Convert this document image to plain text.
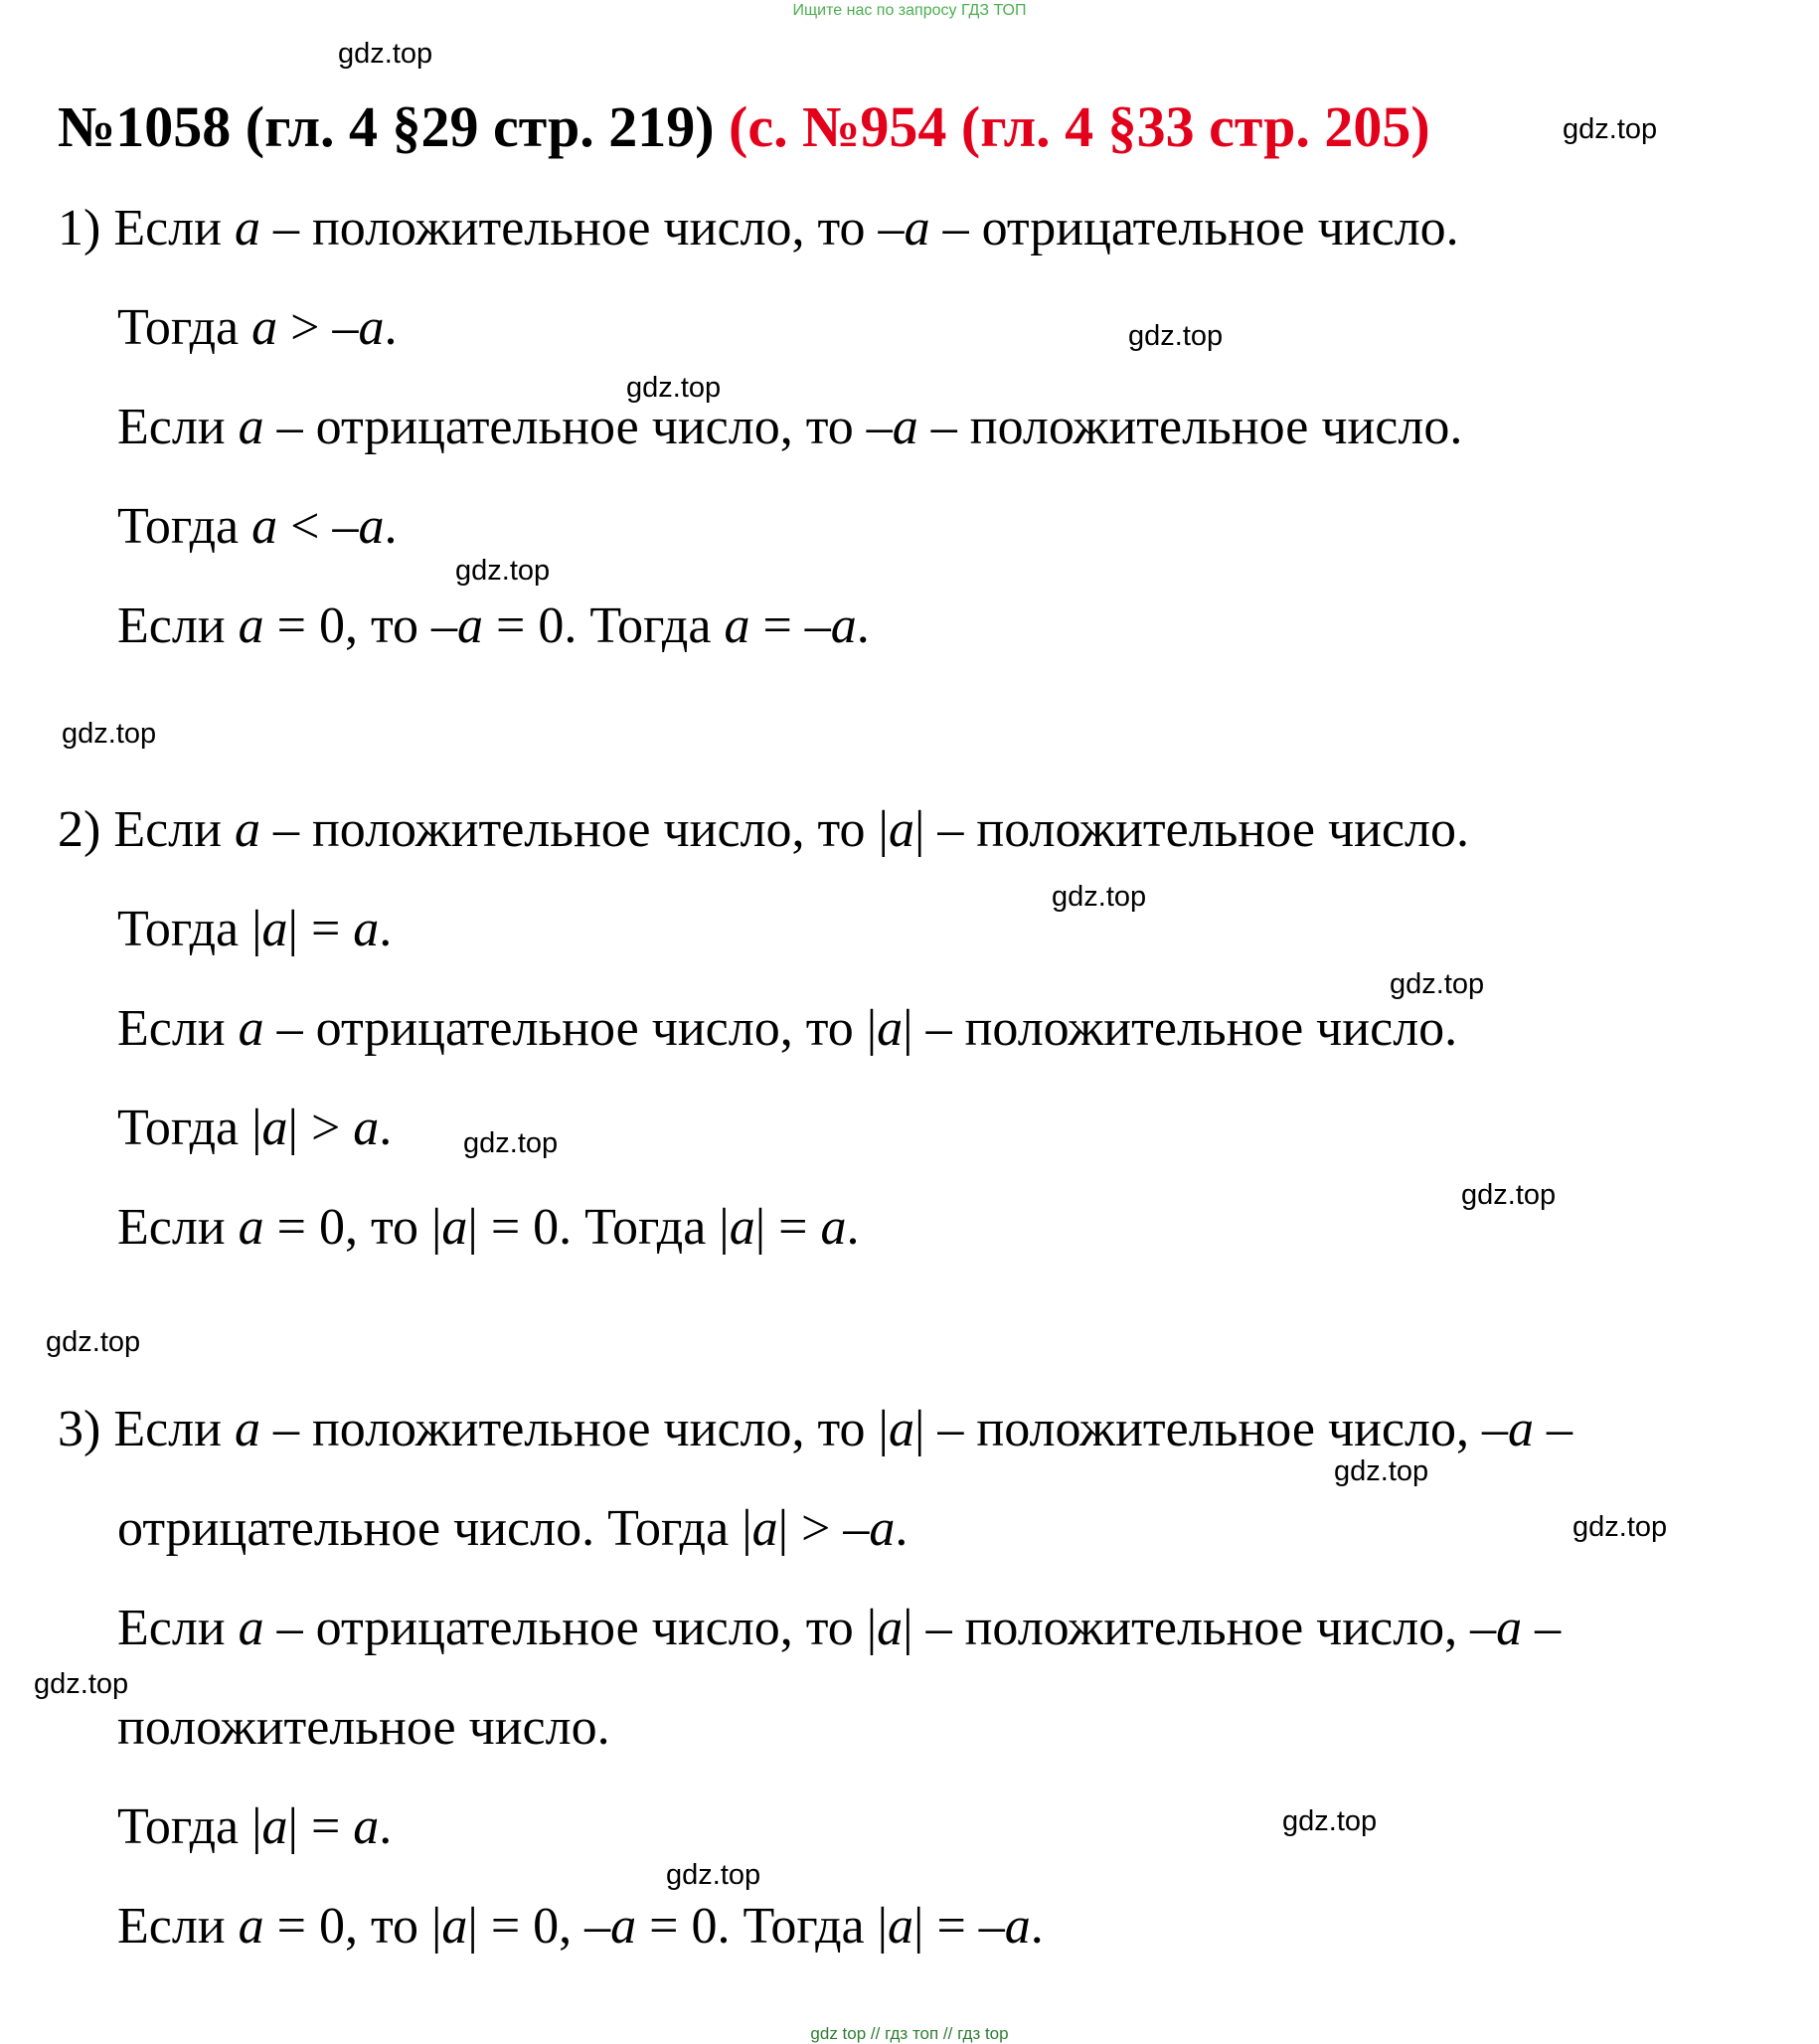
Ищите нас по запросу ГДЗ ТОП
№1058 (гл. 4 §29 стр. 219) (с. №954 (гл. 4 §33 стр. 205)
1) Если a – положительное число, то –a – отрицательное число.
Тогда a > –a.
Если a – отрицательное число, то –a – положительное число.
Тогда a < –a.
Если a = 0, то –a = 0. Тогда a = –a.
2) Если a – положительное число, то |a| – положительное число.
Тогда |a| = a.
Если a – отрицательное число, то |a| – положительное число.
Тогда |a| > a.
Если a = 0, то |a| = 0. Тогда |a| = a.
3) Если a – положительное число, то |a| – положительное число, –a –
отрицательное число. Тогда |a| > –a.
Если a – отрицательное число, то |a| – положительное число, –a –
положительное число.
Тогда |a| = a.
Если a = 0, то |a| = 0, –a = 0. Тогда |a| = –a.
gdz.top
gdz.top
gdz.top
gdz.top
gdz.top
gdz.top
gdz.top
gdz.top
gdz.top
gdz.top
gdz.top
gdz.top
gdz.top
gdz.top
gdz.top
gdz.top
gdz top // гдз топ // гдз top
